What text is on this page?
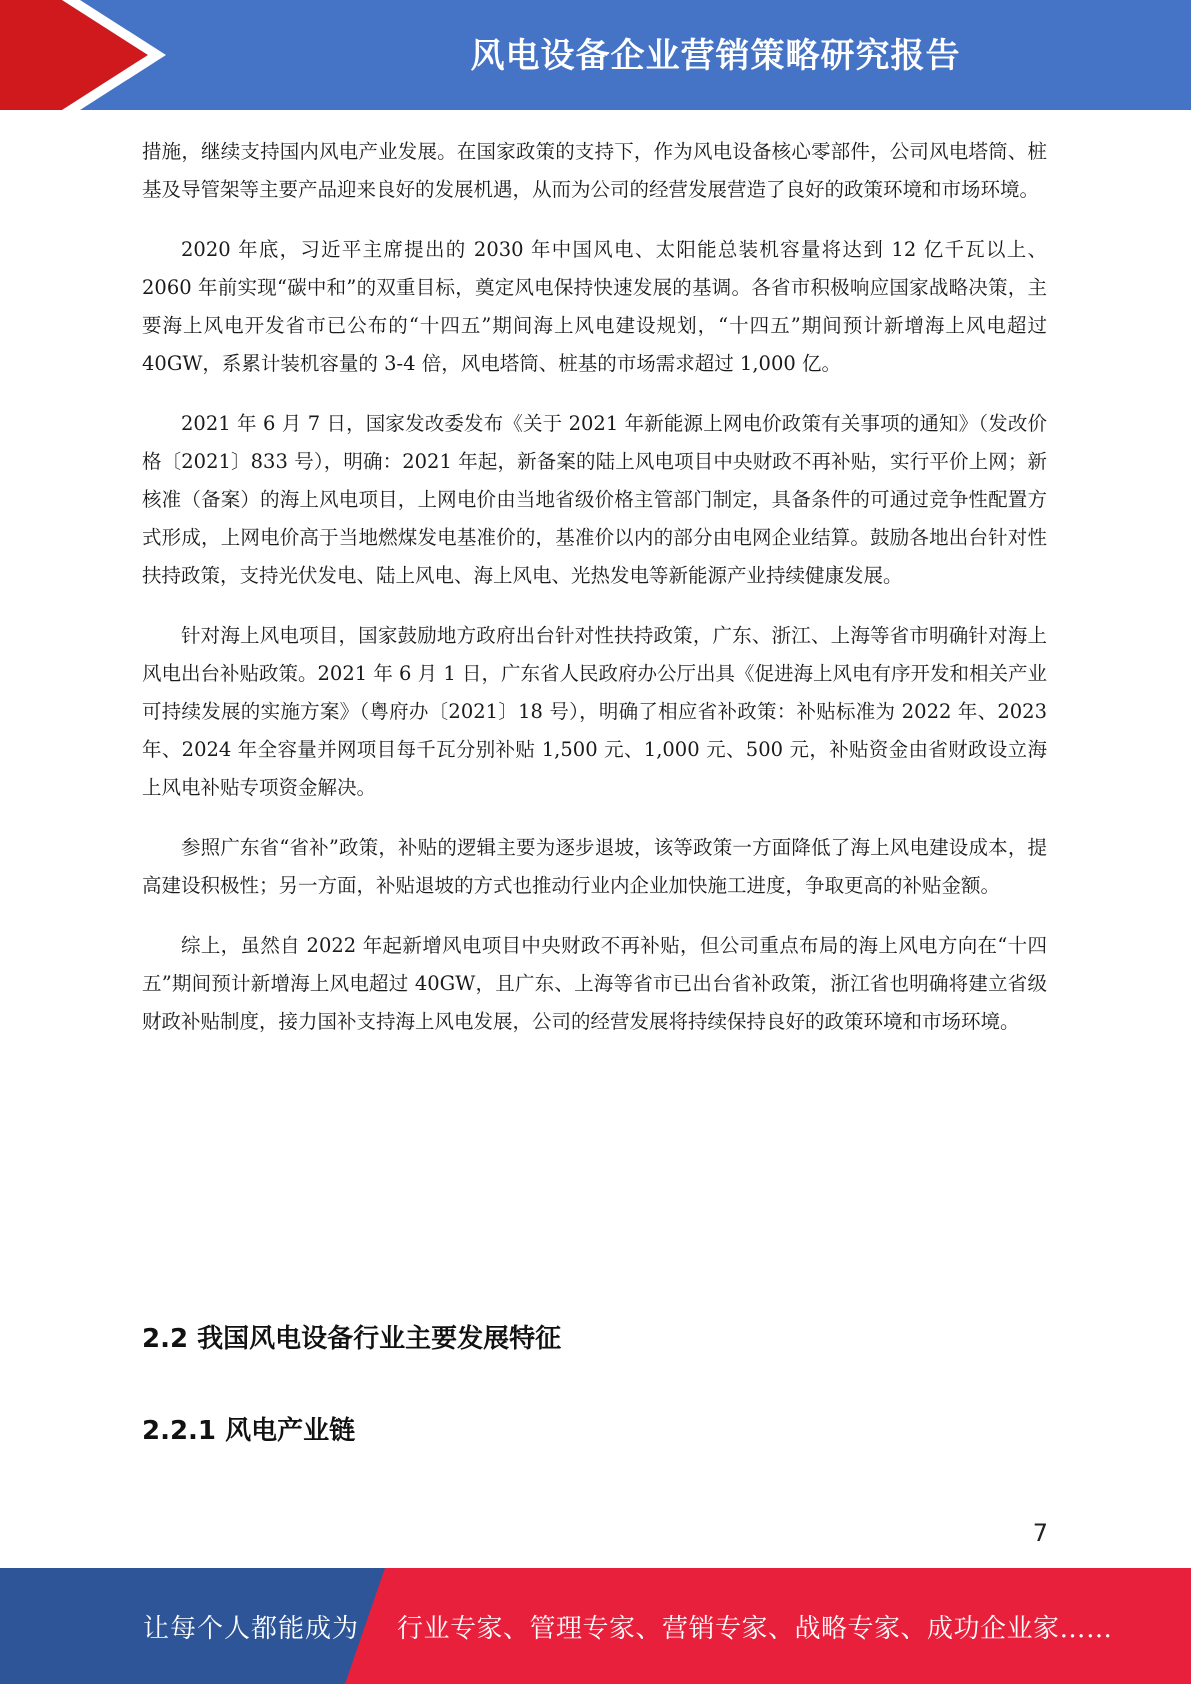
风电设备企业营销策略研究报告

措施，继续支持国内风电产业发展。在国家政策的支持下，作为风电设备核心零部件，公司风电塔筒、桩基及导管架等主要产品迎来良好的发展机遇，从而为公司的经营发展营造了良好的政策环境和市场环境。

2020 年底，习近平主席提出的 2030 年中国风电、太阳能总装机容量将达到 12 亿千瓦以上、2060 年前实现“碳中和”的双重目标，奠定风电保持快速发展的基调。各省市积极响应国家战略决策，主要海上风电开发省市已公布的“十四五”期间海上风电建设规划，“十四五”期间预计新增海上风电超过 40GW，系累计装机容量的 3-4 倍，风电塔筒、桩基的市场需求超过 1,000 亿。

2021 年 6 月 7 日，国家发改委发布《关于 2021 年新能源上网电价政策有关事项的通知》（发改价格〔2021〕833 号），明确：2021 年起，新备案的陆上风电项目中央财政不再补贴，实行平价上网；新核准（备案）的海上风电项目，上网电价由当地省级价格主管部门制定，具备条件的可通过竞争性配置方式形成，上网电价高于当地燃煤发电基准价的，基准价以内的部分由电网企业结算。鼓励各地出台针对性扶持政策，支持光伏发电、陆上风电、海上风电、光热发电等新能源产业持续健康发展。

针对海上风电项目，国家鼓励地方政府出台针对性扶持政策，广东、浙江、上海等省市明确针对海上风电出台补贴政策。2021 年 6 月 1 日，广东省人民政府办公厅出具《促进海上风电有序开发和相关产业可持续发展的实施方案》（粤府办〔2021〕18 号），明确了相应省补政策：补贴标准为 2022 年、2023 年、2024 年全容量并网项目每千瓦分别补贴 1,500 元、1,000 元、500 元，补贴资金由省财政设立海上风电补贴专项资金解决。

参照广东省“省补”政策，补贴的逻辑主要为逐步退坡，该等政策一方面降低了海上风电建设成本，提高建设积极性；另一方面，补贴退坡的方式也推动行业内企业加快施工进度，争取更高的补贴金额。

综上，虽然自 2022 年起新增风电项目中央财政不再补贴，但公司重点布局的海上风电方向在“十四五”期间预计新增海上风电超过 40GW，且广东、上海等省市已出台省补政策，浙江省也明确将建立省级财政补贴制度，接力国补支持海上风电发展，公司的经营发展将持续保持良好的政策环境和市场环境。

2.2 我国风电设备行业主要发展特征
2.2.1 风电产业链
7
让每个人都能成为 行业专家、管理专家、营销专家、战略专家、成功企业家……
